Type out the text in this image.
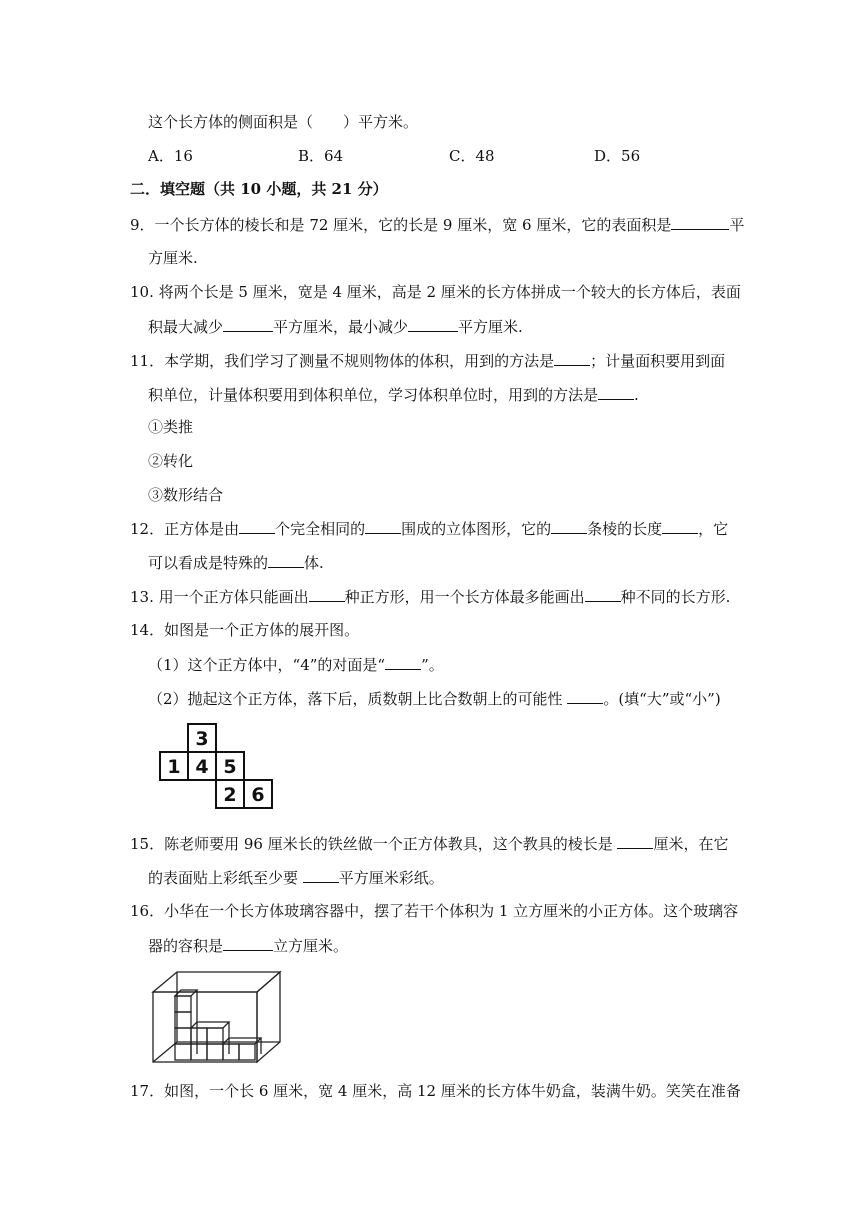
这个长方体的侧面积是（　　）平方米。
A．16	B．64	C．48	D．56
二．填空题（共 10 小题，共 21 分）
9．一个长方体的棱长和是 72 厘米，它的长是 9 厘米，宽 6 厘米，它的表面积是	平
方厘米.
10. 将两个长是 5 厘米，宽是 4 厘米，高是 2 厘米的长方体拼成一个较大的长方体后，表面
积最大减少	平方厘米，最小减少	平方厘米.
11．本学期，我们学习了测量不规则物体的体积，用到的方法是 ；计量面积要用到面
积单位，计量体积要用到体积单位，学习体积单位时，用到的方法是 .
①类推
②转化
③数形结合
12．正方体是由 个完全相同的 围成的立体图形，它的 条棱的长度 ，它
可以看成是特殊的 体.
13. 用一个正方体只能画出 种正方形，用一个长方体最多能画出 种不同的长方形.
14．如图是一个正方体的展开图。
（1）这个正方体中，“4”的对面是“ ”。
（2）抛起这个正方体，落下后，质数朝上比合数朝上的可能性 。(填“大”或“小”)
3
1 4 5
2 6
15．陈老师要用 96 厘米长的铁丝做一个正方体教具，这个教具的棱长是 厘米，在它
的表面贴上彩纸至少要 平方厘米彩纸。
16．小华在一个长方体玻璃容器中，摆了若干个体积为 1 立方厘米的小正方体。这个玻璃容
器的容积是	立方厘米。
17．如图，一个长 6 厘米，宽 4 厘米，高 12 厘米的长方体牛奶盒，装满牛奶。笑笑在准备
